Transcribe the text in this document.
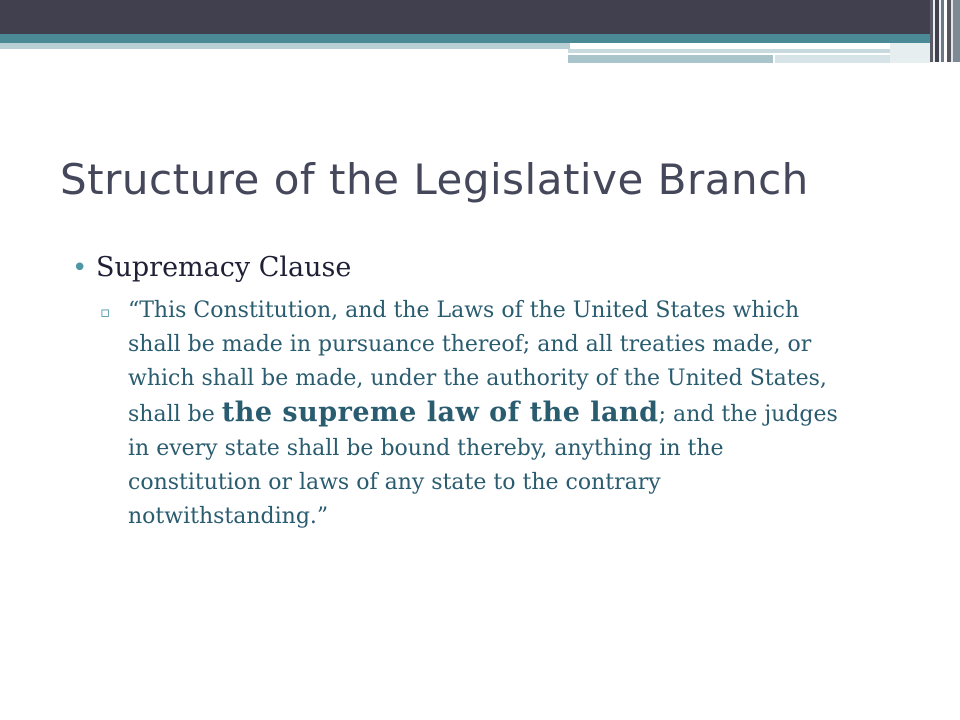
Structure of the Legislative Branch
• Supremacy Clause
▫ “This Constitution, and the Laws of the United States which shall be made in pursuance thereof; and all treaties made, or which shall be made, under the authority of the United States, shall be the supreme law of the land; and the judges in every state shall be bound thereby, anything in the constitution or laws of any state to the contrary notwithstanding.”
